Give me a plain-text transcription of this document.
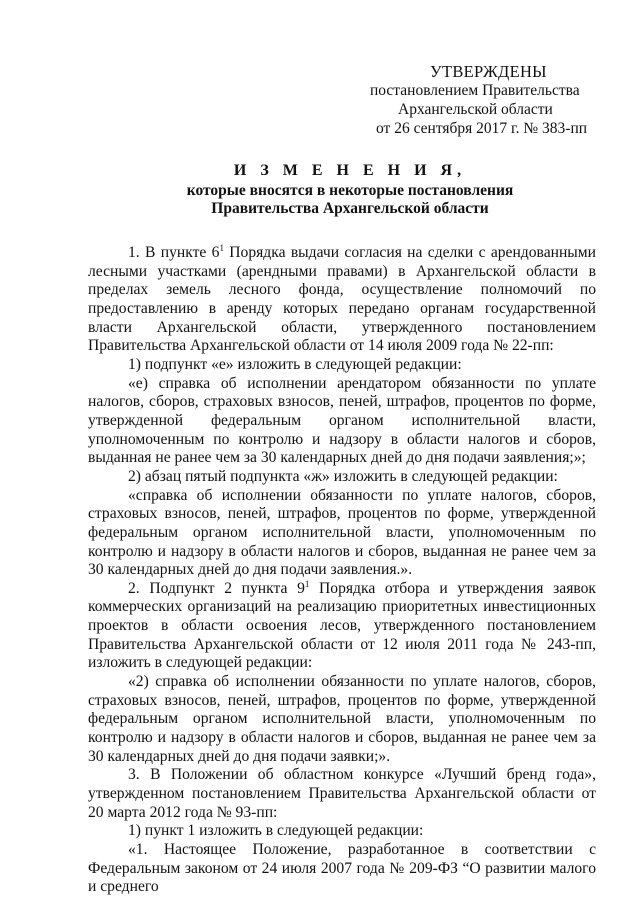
УТВЕРЖДЕНЫ
постановлением Правительства
Архангельской области
от 26 сентября 2017 г. № 383-пп
И З М Е Н Е Н И Я,
которые вносятся в некоторые постановления
Правительства Архангельской области

1. В пункте $6^1$ Порядка выдачи согласия на сделки с арендованными лесными участками (арендными правами) в Архангельской области в пределах земель лесного фонда, осуществление полномочий по предоставлению в аренду которых передано органам государственной власти Архангельской области, утвержденного постановлением Правительства Архангельской области от 14 июля 2009 года № 22-пп:

1) подпункт «е» изложить в следующей редакции:

«е) справка об исполнении арендатором обязанности по уплате налогов, сборов, страховых взносов, пеней, штрафов, процентов по форме, утвержденной федеральным органом исполнительной власти, уполномоченным по контролю и надзору в области налогов и сборов, выданная не ранее чем за 30 календарных дней до дня подачи заявления;»;

2) абзац пятый подпункта «ж» изложить в следующей редакции:

«справка об исполнении обязанности по уплате налогов, сборов, страховых взносов, пеней, штрафов, процентов по форме, утвержденной федеральным органом исполнительной власти, уполномоченным по контролю и надзору в области налогов и сборов, выданная не ранее чем за 30 календарных дней до дня подачи заявления.».

2. Подпункт 2 пункта $9^1$ Порядка отбора и утверждения заявок коммерческих организаций на реализацию приоритетных инвестиционных проектов в области освоения лесов, утвержденного постановлением Правительства Архангельской области от 12 июля 2011 года № 243-пп, изложить в следующей редакции:

«2) справка об исполнении обязанности по уплате налогов, сборов, страховых взносов, пеней, штрафов, процентов по форме, утвержденной федеральным органом исполнительной власти, уполномоченным по контролю и надзору в области налогов и сборов, выданная не ранее чем за 30 календарных дней до дня подачи заявки;».

3. В Положении об областном конкурсе «Лучший бренд года», утвержденном постановлением Правительства Архангельской области от 20 марта 2012 года № 93-пп:

1) пункт 1 изложить в следующей редакции:

«1. Настоящее Положение, разработанное в соответствии с Федеральным законом от 24 июля 2007 года № 209-ФЗ “О развитии малого и среднего
